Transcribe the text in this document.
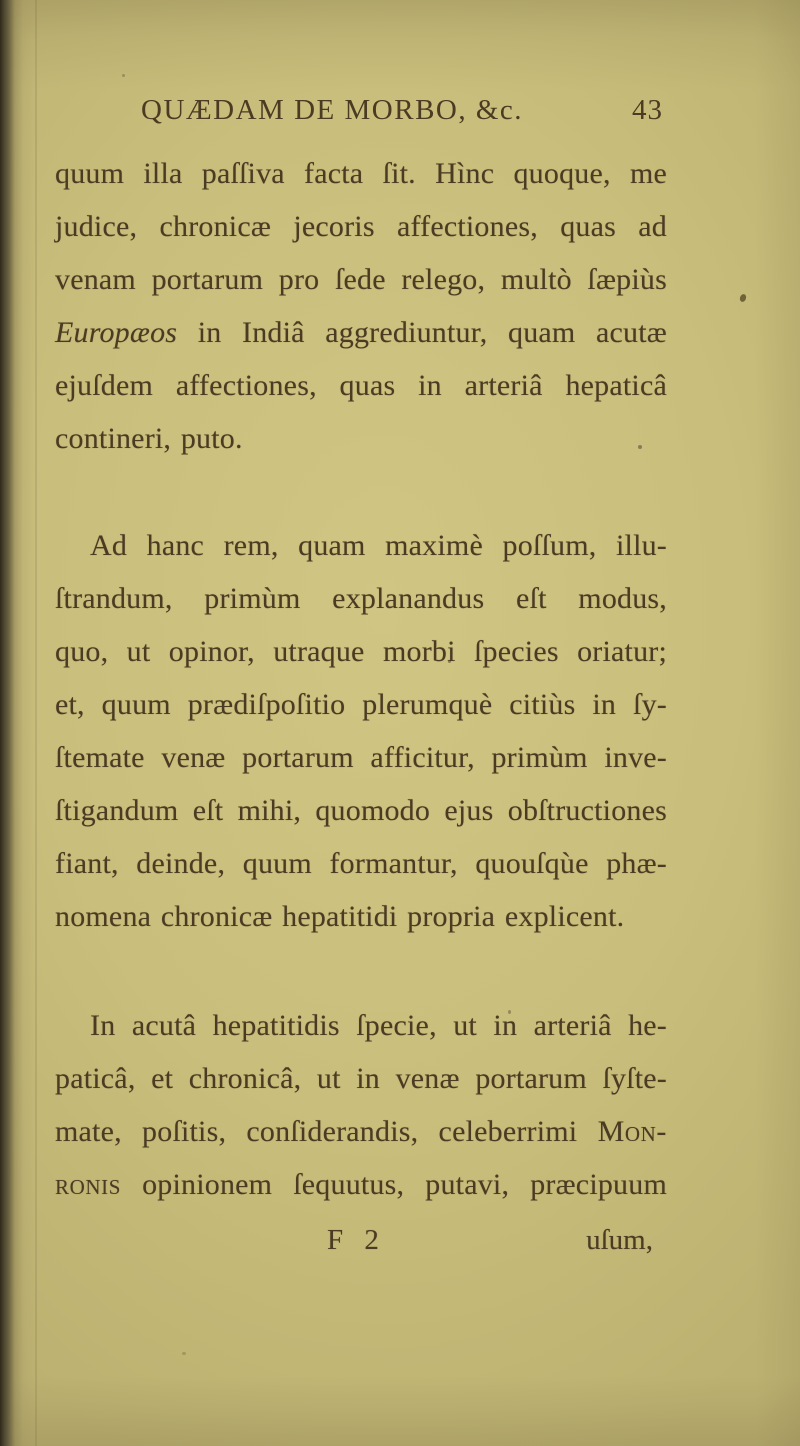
QUÆDAM DE MORBO, &c.	43
quum illa paſſiva facta ſit. Hìnc quoque, me
judice, chronicæ jecoris affectiones, quas ad
venam portarum pro ſede relego, multò ſæpiùs
Europæos in Indiâ aggrediuntur, quam acutæ
ejuſdem affectiones, quas in arteriâ hepaticâ
contineri, puto.
Ad hanc rem, quam maximè poſſum, illu-
ſtrandum, primùm explanandus eſt modus,
quo, ut opinor, utraque morbi ſpecies oriatur;
et, quum prædiſpoſitio plerumquè citiùs in ſy-
ſtemate venæ portarum afficitur, primùm inve-
ſtigandum eſt mihi, quomodo ejus obſtructiones
fiant, deinde, quum formantur, quouſqùe phæ-
nomena chronicæ hepatitidi propria explicent.
In acutâ hepatitidis ſpecie, ut in arteriâ he-
paticâ, et chronicâ, ut in venæ portarum ſyſte-
mate, poſitis, conſiderandis, celeberrimi Mon-
ronis opinionem ſequutus, putavi, præcipuum
F 2	uſum,
